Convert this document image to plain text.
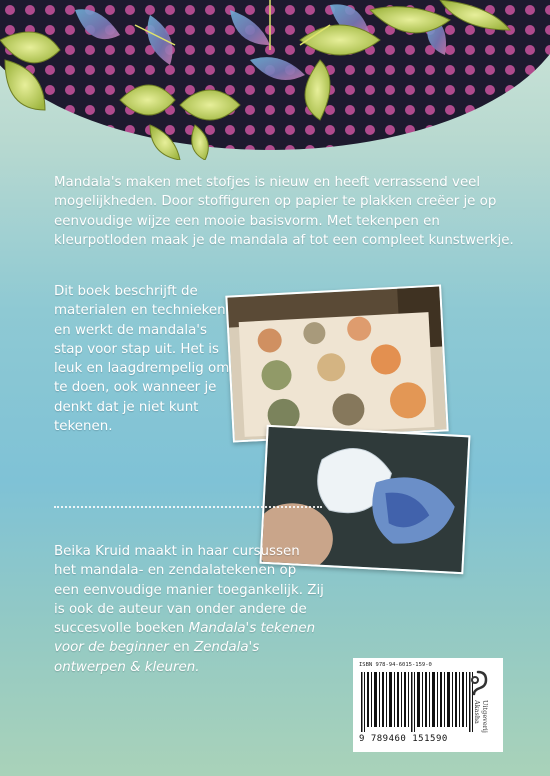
Mandala's maken met stofjes is nieuw en heeft verrassend veel mogelijkheden. Door stoffiguren op papier te plakken creëer je op eenvoudige wijze een mooie basisvorm. Met tekenpen en kleurpotloden maak je de mandala af tot een compleet kunstwerkje.
Dit boek beschrijft de materialen en technieken en werkt de mandala's stap voor stap uit. Het is leuk en laagdrempelig om te doen, ook wanneer je denkt dat je niet kunt tekenen.
Beika Kruid maakt in haar cursussen het mandala- en zendalatekenen op een eenvoudige manier toegankelijk. Zij is ook de auteur van onder andere de succesvolle boeken Mandala's tekenen voor de beginner en Zendala's ontwerpen & kleuren.	ISBN 978-94-6015-159-0
9 789460 151590
Uitgeverij Akasha
